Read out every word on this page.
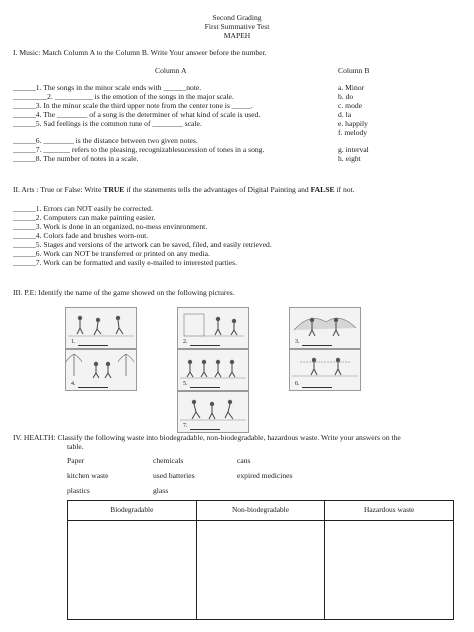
Second Grading
First Summative Test
MAPEH
I. Music: Match Column A to the Column B. Write Your answer before the number.
Column A	Column B
______1. The songs in the minor scale ends with ______note.
_________2. __________ is the emotion of the songs in the major scale.
______3. In the minor scale the third upper note from the center tone is _____.
______4. The ________ of a song is the determiner of what kind of scale is used.
______5. Sad feelings is the common tune of ________ scale.
______6. ________ is the distance between two given notes.
______7. _______ refers to the pleasing, recognizablesucession of tones in a song.
______8. The number of notes in a scale.
a. Minor
b. do
c. mode
d. la
e. happily
f. melody
g. interval
h. eight
II. Arts : True or False: Write TRUE if the statements tells the advantages of Digital Painting and FALSE if not.
______1. Errors can NOT easily be corrected.
______2. Computers can make painting easier.
______3. Work is done in an organized, no-mess envinronment.
______4. Colors fade and brushes worn-out.
______5. Stages and versions of the artwork can be saved, filed, and easily retrieved.
______6. Work can NOT be transferred or printed on any media.
______7. Work can be formatted and easily e-mailed to interested parties.
III. P.E: Identify the name of the game showed on the following pictures.
1.	2.	3.
4.	5.	6.
7.
IV. HEALTH: Classify the following waste into biodegradable, non-biodegradable, hazardous waste. Write your answers on the
table.
Paper	chemicals	cans
kitchen waste	used batteries	expired medicines
plastics	glass
Biodegradable	Non-biodegradable	Hazardous waste
